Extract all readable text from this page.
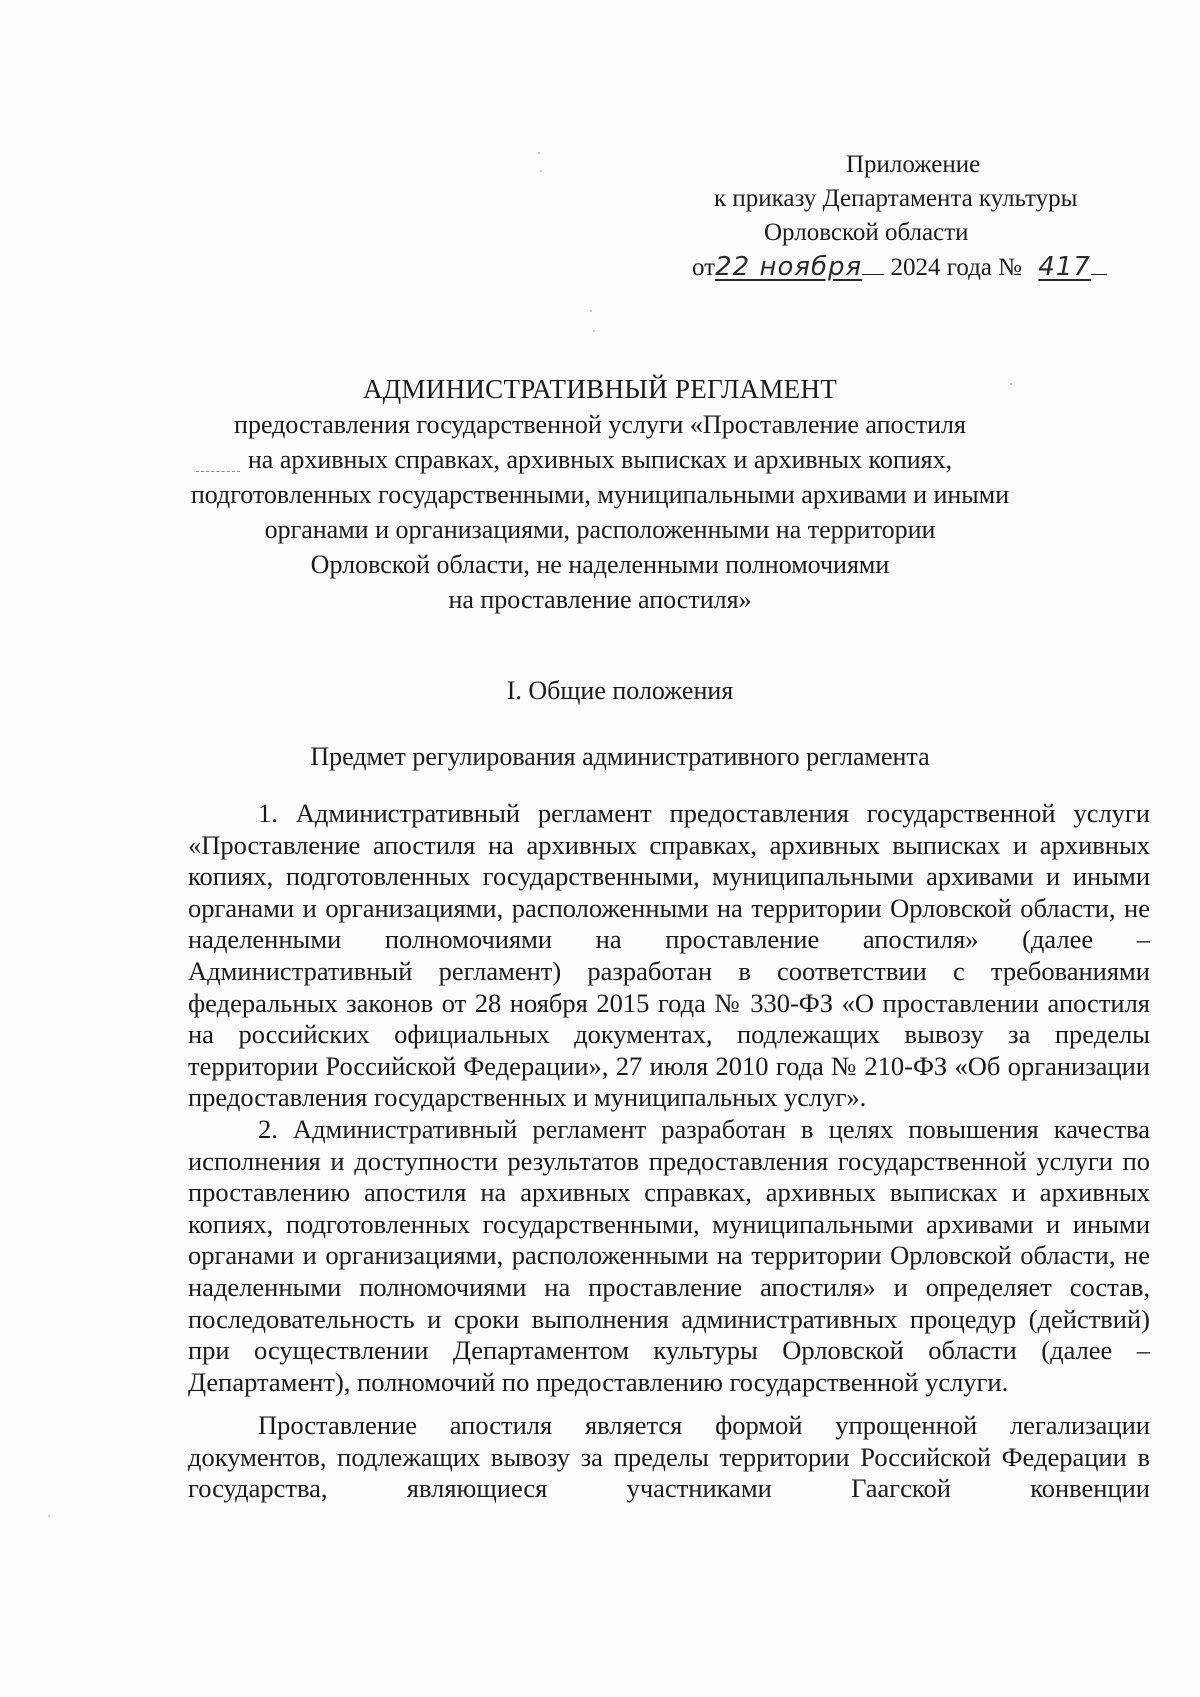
Приложение
к приказу Департамента культуры
Орловской области
от22 ноября 2024 года № 417
АДМИНИСТРАТИВНЫЙ РЕГЛАМЕНТ
предоставления государственной услуги «Проставление апостиля
на архивных справках, архивных выписках и архивных копиях,
подготовленных государственными, муниципальными архивами и иными
органами и организациями, расположенными на территории
Орловской области, не наделенными полномочиями
на проставление апостиля»
I. Общие положения
Предмет регулирования административного регламента

1. Административный регламент предоставления государственной услуги «Проставление апостиля на архивных справках, архивных выписках и архивных копиях, подготовленных государственными, муниципальными архивами и иными органами и организациями, расположенными на территории Орловской области, не наделенными полномочиями на проставление апостиля» (далее – Административный регламент) разработан в соответствии с требованиями федеральных законов от 28 ноября 2015 года № 330-ФЗ «О проставлении апостиля на российских официальных документах, подлежащих вывозу за пределы территории Российской Федерации», 27 июля 2010 года № 210-ФЗ «Об организации предоставления государственных и муниципальных услуг».

2. Административный регламент разработан в целях повышения качества исполнения и доступности результатов предоставления государственной услуги по проставлению апостиля на архивных справках, архивных выписках и архивных копиях, подготовленных государственными, муниципальными архивами и иными органами и организациями, расположенными на территории Орловской области, не наделенными полномочиями на проставление апостиля» и определяет состав, последовательность и сроки выполнения административных процедур (действий) при осуществлении Департаментом культуры Орловской области (далее – Департамент), полномочий по предоставлению государственной услуги.

Проставление апостиля является формой упрощенной легализации документов, подлежащих вывозу за пределы территории Российской Федерации в государства, являющиеся участниками Гаагской конвенции
